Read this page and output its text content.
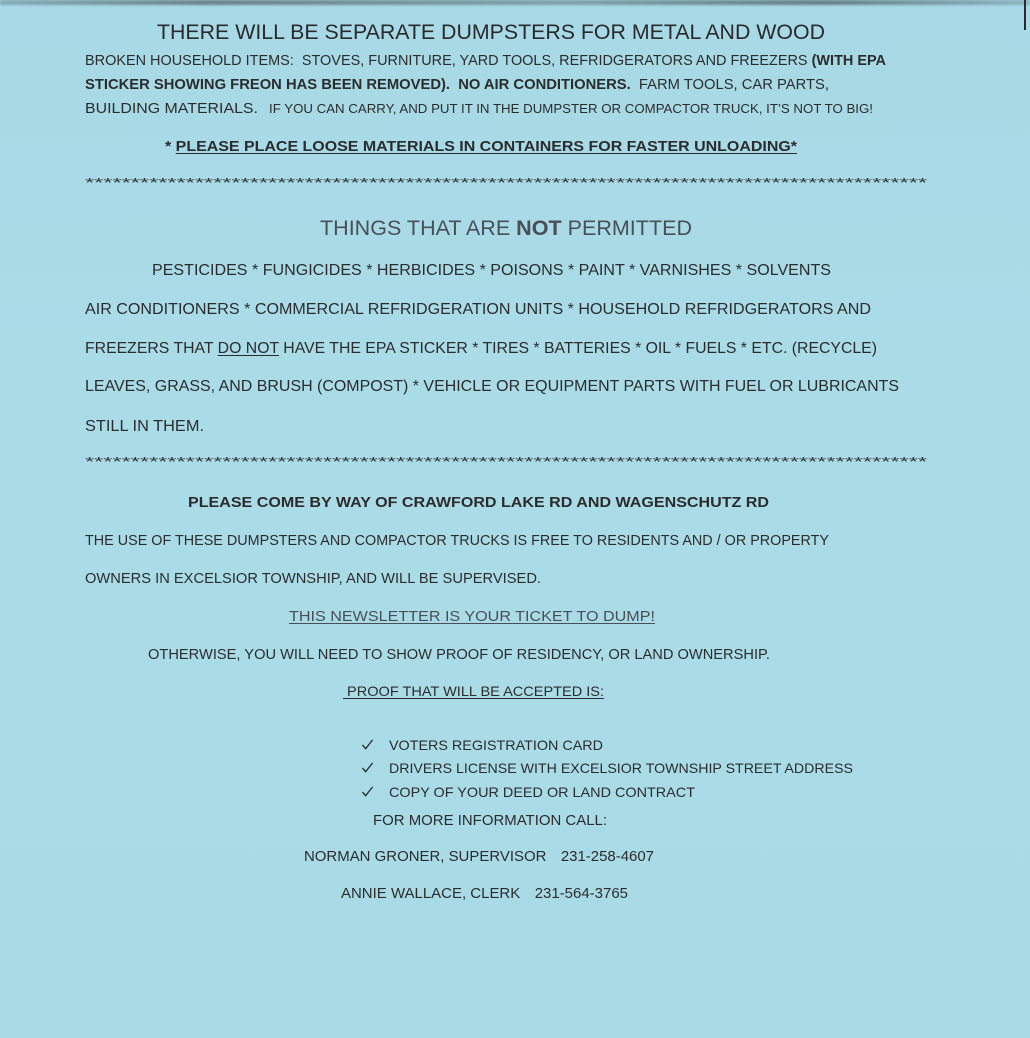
THERE WILL BE SEPARATE DUMPSTERS FOR METAL AND WOOD
BROKEN HOUSEHOLD ITEMS:  STOVES, FURNITURE, YARD TOOLS, REFRIDGERATORS AND FREEZERS (WITH EPA
STICKER SHOWING FREON HAS BEEN REMOVED).  NO AIR CONDITIONERS.  FARM TOOLS, CAR PARTS,
BUILDING MATERIALS.   IF YOU CAN CARRY, AND PUT IT IN THE DUMPSTER OR COMPACTOR TRUCK, IT’S NOT TO BIG!
* PLEASE PLACE LOOSE MATERIALS IN CONTAINERS FOR FASTER UNLOADING*
********************************************************************************************
THINGS THAT ARE NOT PERMITTED
PESTICIDES * FUNGICIDES * HERBICIDES * POISONS * PAINT * VARNISHES * SOLVENTS
AIR CONDITIONERS * COMMERCIAL REFRIDGERATION UNITS * HOUSEHOLD REFRIDGERATORS AND
FREEZERS THAT DO NOT HAVE THE EPA STICKER * TIRES * BATTERIES * OIL * FUELS * ETC. (RECYCLE)
LEAVES, GRASS, AND BRUSH (COMPOST) * VEHICLE OR EQUIPMENT PARTS WITH FUEL OR LUBRICANTS
STILL IN THEM.
********************************************************************************************
PLEASE COME BY WAY OF CRAWFORD LAKE RD AND WAGENSCHUTZ RD
THE USE OF THESE DUMPSTERS AND COMPACTOR TRUCKS IS FREE TO RESIDENTS AND / OR PROPERTY
OWNERS IN EXCELSIOR TOWNSHIP, AND WILL BE SUPERVISED.
THIS NEWSLETTER IS YOUR TICKET TO DUMP!
OTHERWISE, YOU WILL NEED TO SHOW PROOF OF RESIDENCY, OR LAND OWNERSHIP.
PROOF THAT WILL BE ACCEPTED IS:

VOTERS REGISTRATION CARD

DRIVERS LICENSE WITH EXCELSIOR TOWNSHIP STREET ADDRESS

COPY OF YOUR DEED OR LAND CONTRACT

FOR MORE INFORMATION CALL:
NORMAN GRONER, SUPERVISOR 231-258-4607
ANNIE WALLACE, CLERK 231-564-3765
